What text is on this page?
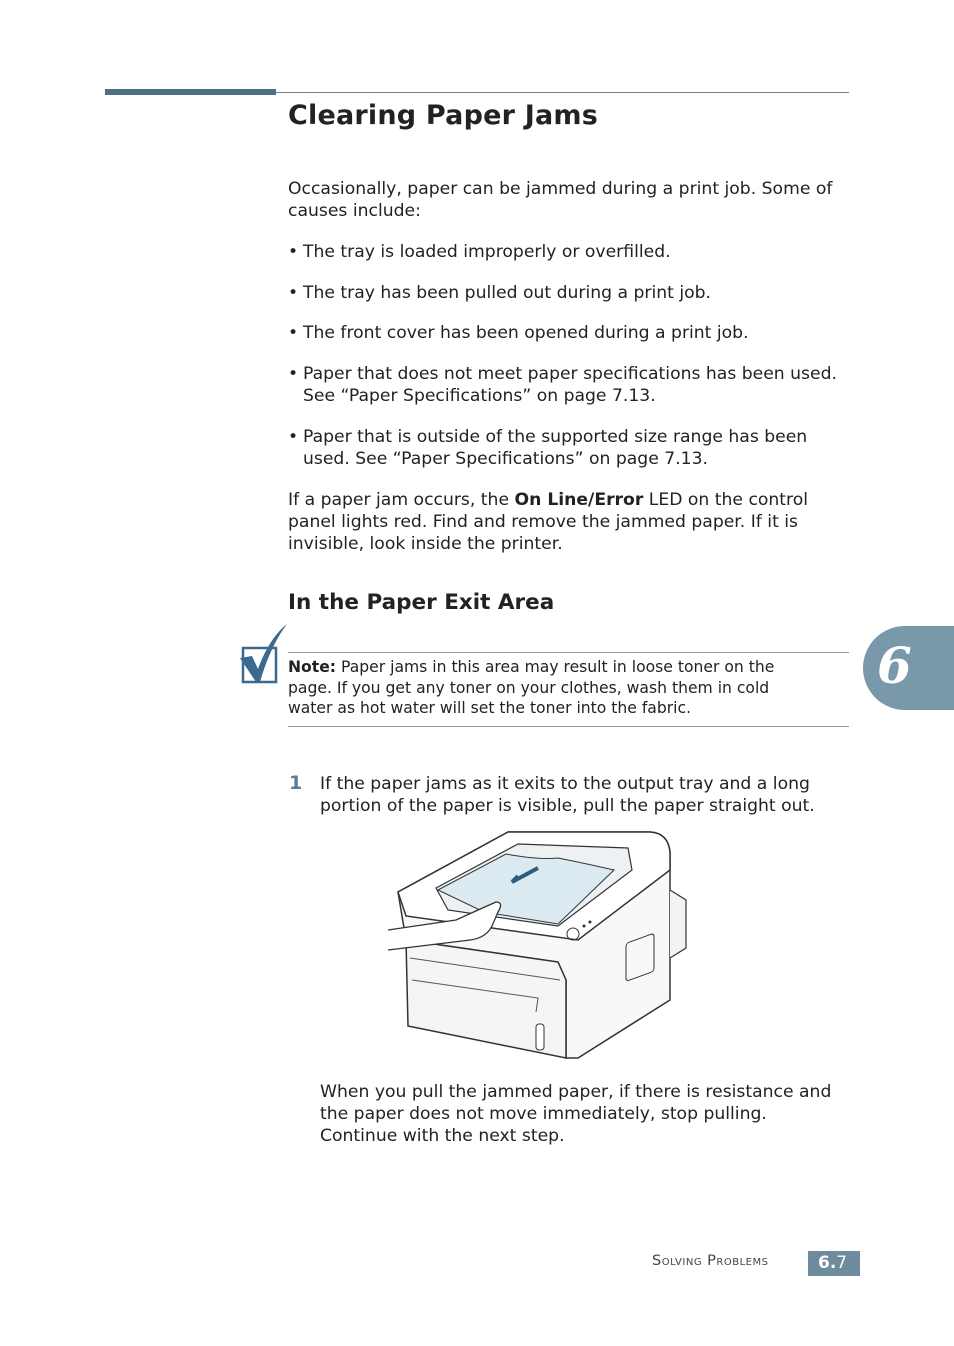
Clearing Paper Jams
Occasionally, paper can be jammed during a print job. Some of
causes include:
• The tray is loaded improperly or overfilled.
• The tray has been pulled out during a print job.
• The front cover has been opened during a print job.
• Paper that does not meet paper specifications has been used.
See “Paper Specifications” on page 7.13.
• Paper that is outside of the supported size range has been
used. See “Paper Specifications” on page 7.13.
If a paper jam occurs, the On Line/Error LED on the control
panel lights red. Find and remove the jammed paper. If it is
invisible, look inside the printer.
In the Paper Exit Area
Note: Paper jams in this area may result in loose toner on the
page. If you get any toner on your clothes, wash them in cold
water as hot water will set the toner into the fabric.
1 If the paper jams as it exits to the output tray and a long
portion of the paper is visible, pull the paper straight out.
When you pull the jammed paper, if there is resistance and
the paper does not move immediately, stop pulling.
Continue with the next step.
6
Solving Problems	6.7
